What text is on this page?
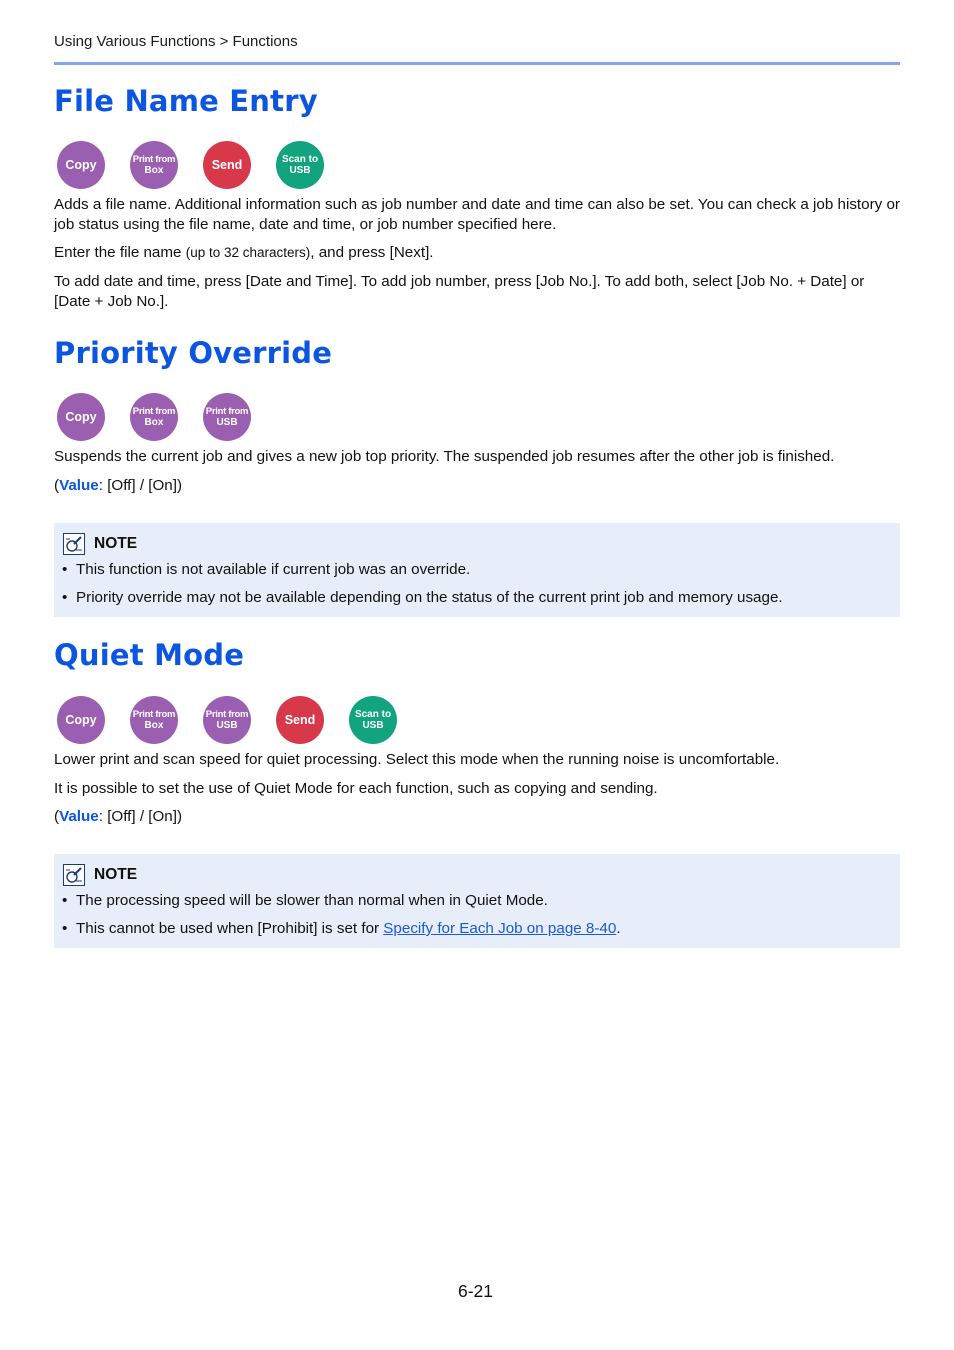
Using Various Functions > Functions
File Name Entry
Copy	Print from
Box	Send	Scan to
USB

Adds a file name. Additional information such as job number and date and time can also be set. You can check a job history or job status using the file name, date and time, or job number specified here.

Enter the file name (up to 32 characters), and press [Next].

To add date and time, press [Date and Time]. To add job number, press [Job No.]. To add both, select [Job No. + Date] or [Date + Job No.].

Priority Override
Copy	Print from
Box
Print from
USB

Suspends the current job and gives a new job top priority. The suspended job resumes after the other job is finished.

(Value: [Off] / [On])

NOTE
• This function is not available if current job was an override.
• Priority override may not be available depending on the status of the current print job and memory usage.
Quiet Mode
Copy	Print from
Box
Print from
USB	Send	Scan to
USB

Lower print and scan speed for quiet processing. Select this mode when the running noise is uncomfortable.

It is possible to set the use of Quiet Mode for each function, such as copying and sending.

(Value: [Off] / [On])

NOTE
• The processing speed will be slower than normal when in Quiet Mode.
• This cannot be used when [Prohibit] is set for Specify for Each Job on page 8-40.
6-21
